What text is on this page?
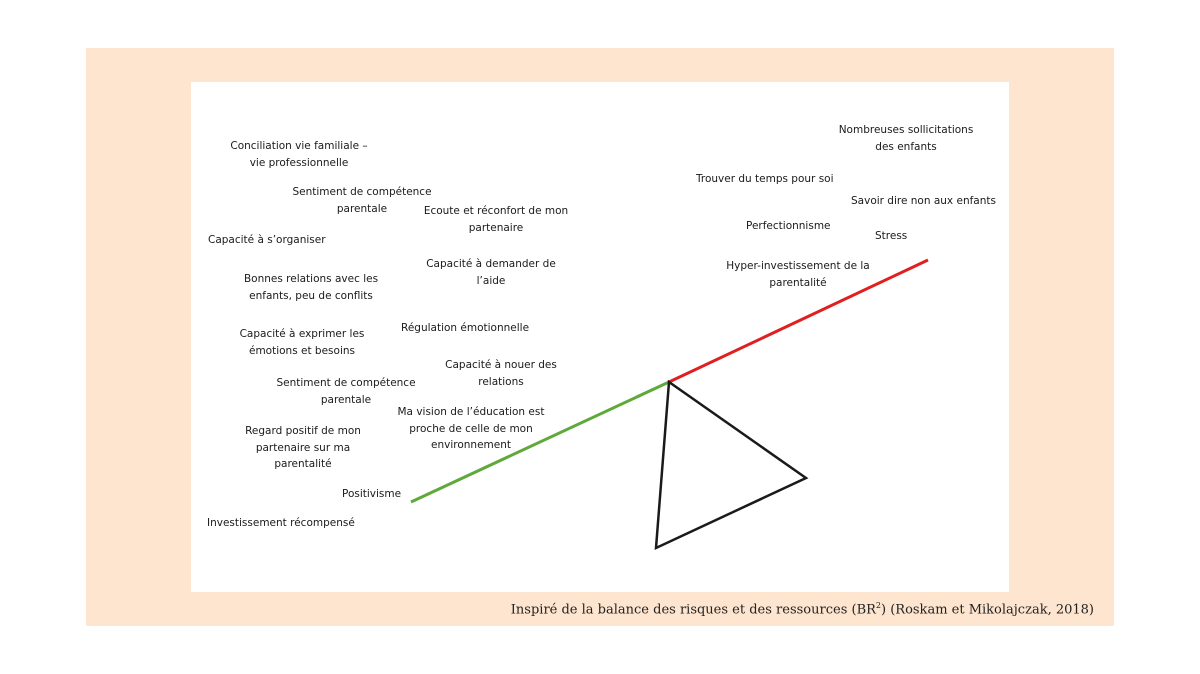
Conciliation vie familiale –
vie professionnelle
Sentiment de compétence
parentale	Ecoute et réconfort de mon
partenaire
Capacité à s’organiser
Bonnes relations avec les
enfants, peu de conflits
Capacité à demander de
l’aide
Régulation émotionnelle
Capacité à exprimer les
émotions et besoins
Capacité à nouer des
relations
Sentiment de compétence
parentale
Ma vision de l’éducation est
proche de celle de mon
environnement
Regard positif de mon
partenaire sur ma
parentalité
Positivisme
Investissement récompensé
Nombreuses sollicitations
des enfants
Trouver du temps pour soi
Savoir dire non aux enfants
Perfectionnisme
Stress
Hyper-investissement de la
parentalité
Inspiré de la balance des risques et des ressources $(BR^2)$ (Roskam et Mikolajczak, 2018)
